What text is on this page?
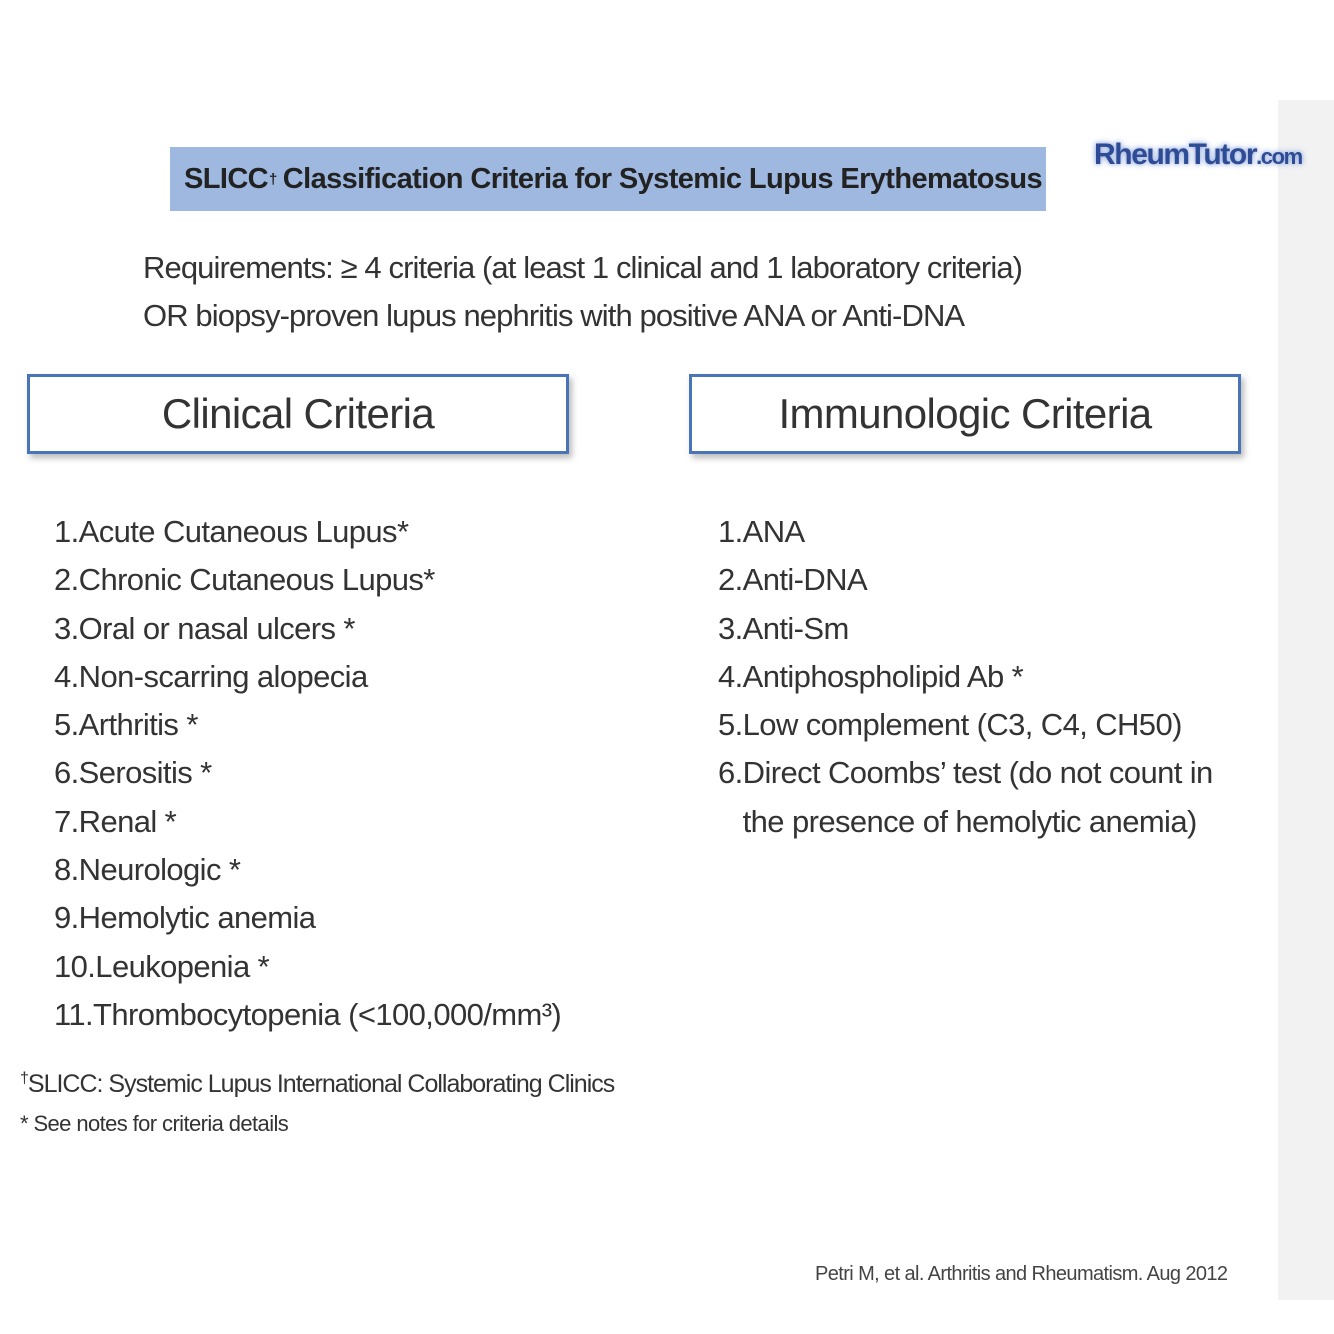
SLICC † Classification Criteria for Systemic Lupus Erythematosus
RheumTutor.com
Requirements: ≥ 4 criteria (at least 1 clinical and 1 laboratory criteria)
OR biopsy-proven lupus nephritis with positive ANA or Anti-DNA
Clinical Criteria	Immunologic Criteria
1.Acute Cutaneous Lupus*
2.Chronic Cutaneous Lupus*
3.Oral or nasal ulcers *
4.Non-scarring alopecia
5.Arthritis *
6.Serositis *
7.Renal *
8.Neurologic *
9.Hemolytic anemia
10.Leukopenia *
11.Thrombocytopenia (<100,000/mm³)
1.ANA
2.Anti-DNA
3.Anti-Sm
4.Antiphospholipid Ab *
5.Low complement (C3, C4, CH50)
6.Direct Coombs’ test (do not count in the presence of hemolytic anemia)
†SLICC: Systemic Lupus International Collaborating Clinics
* See notes for criteria details
Petri M, et al. Arthritis and Rheumatism. Aug 2012
